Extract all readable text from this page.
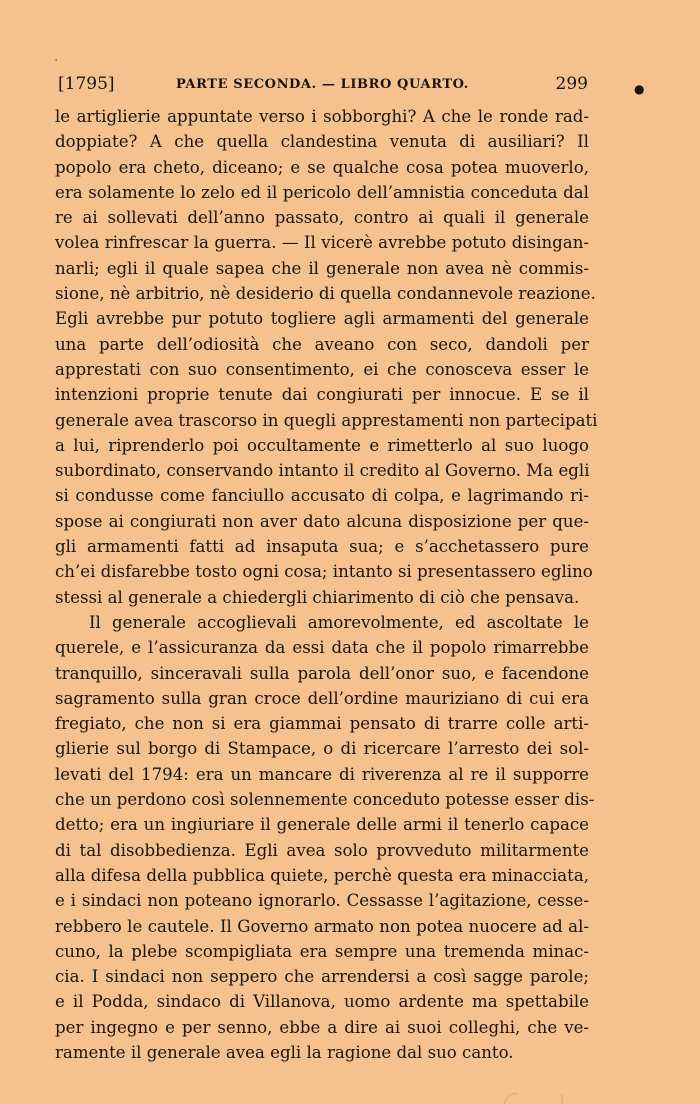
'
●
[1795]	PARTE SECONDA. — LIBRO QUARTO.	299
le artiglierie appuntate verso i sobborghi? A che le ronde rad-
doppiate? A che quella clandestina venuta di ausiliari? Il
popolo era cheto, diceano; e se qualche cosa potea muoverlo,
era solamente lo zelo ed il pericolo dell’amnistia conceduta dal
re ai sollevati dell’anno passato, contro ai quali il generale
volea rinfrescar la guerra. — Il vicerè avrebbe potuto disingan-
narli; egli il quale sapea che il generale non avea nè commis-
sione, nè arbitrio, nè desiderio di quella condannevole reazione.
Egli avrebbe pur potuto togliere agli armamenti del generale
una parte dell’odiosità che aveano con seco, dandoli per
apprestati con suo consentimento, ei che conosceva esser le
intenzioni proprie tenute dai congiurati per innocue. E se il
generale avea trascorso in quegli apprestamenti non partecipati
a lui, riprenderlo poi occultamente e rimetterlo al suo luogo
subordinato, conservando intanto il credito al Governo. Ma egli
si condusse come fanciullo accusato di colpa, e lagrimando ri-
spose ai congiurati non aver dato alcuna disposizione per que-
gli armamenti fatti ad insaputa sua; e s’acchetassero pure
ch’ei disfarebbe tosto ogni cosa; intanto si presentassero eglino
stessi al generale a chiedergli chiarimento di ciò che pensava.
Il generale accoglievali amorevolmente, ed ascoltate le
querele, e l’assicuranza da essi data che il popolo rimarrebbe
tranquillo, sinceravali sulla parola dell’onor suo, e facendone
sagramento sulla gran croce dell’ordine mauriziano di cui era
fregiato, che non si era giammai pensato di trarre colle arti-
glierie sul borgo di Stampace, o di ricercare l’arresto dei sol-
levati del 1794: era un mancare di riverenza al re il supporre
che un perdono così solennemente conceduto potesse esser dis-
detto; era un ingiuriare il generale delle armi il tenerlo capace
di tal disobbedienza. Egli avea solo provveduto militarmente
alla difesa della pubblica quiete, perchè questa era minacciata,
e i sindaci non poteano ignorarlo. Cessasse l’agitazione, cesse-
rebbero le cautele. Il Governo armato non potea nuocere ad al-
cuno, la plebe scompigliata era sempre una tremenda minac-
cia. I sindaci non seppero che arrendersi a così sagge parole;
e il Podda, sindaco di Villanova, uomo ardente ma spettabile
per ingegno e per senno, ebbe a dire ai suoi colleghi, che ve-
ramente il generale avea egli la ragione dal suo canto.
